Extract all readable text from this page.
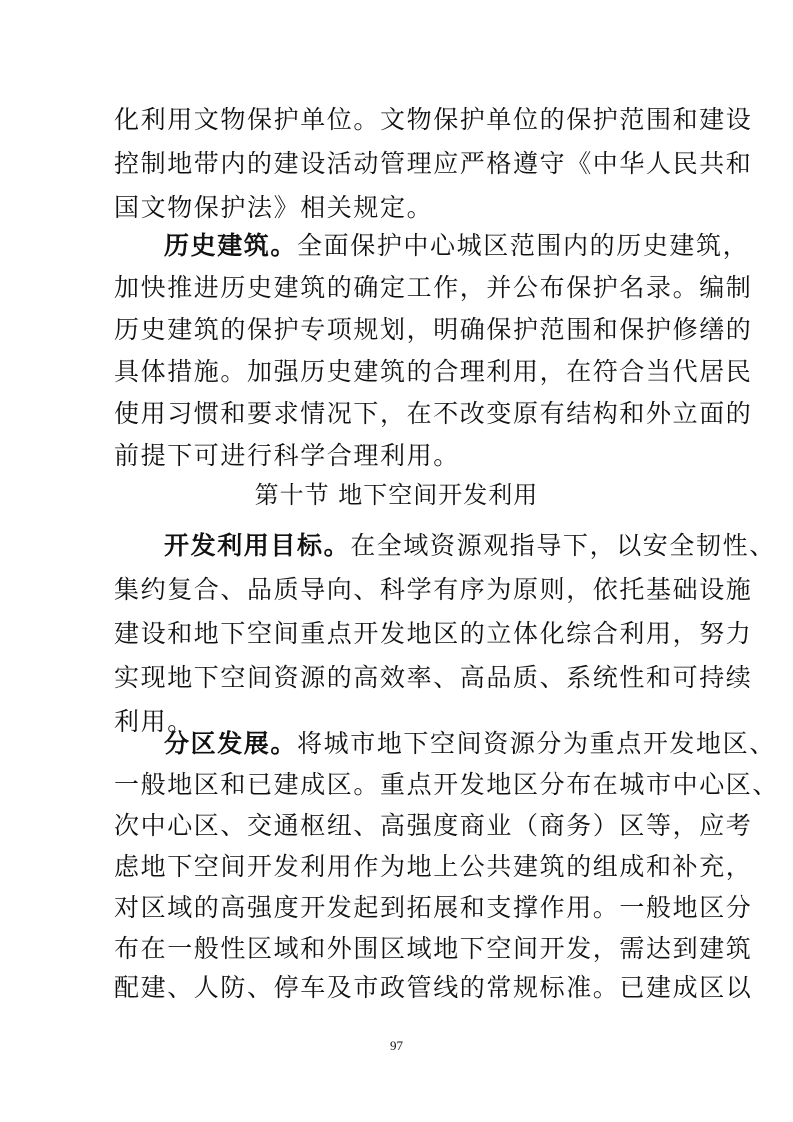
化利用文物保护单位。文物保护单位的保护范围和建设
控制地带内的建设活动管理应严格遵守《中华人民共和
国文物保护法》相关规定。
历史建筑。全面保护中心城区范围内的历史建筑，
加快推进历史建筑的确定工作，并公布保护名录。编制
历史建筑的保护专项规划，明确保护范围和保护修缮的
具体措施。加强历史建筑的合理利用，在符合当代居民
使用习惯和要求情况下，在不改变原有结构和外立面的
第十节 地下空间开发利用
开发利用目标。在全域资源观指导下，以安全韧性、
集约复合、品质导向、科学有序为原则，依托基础设施
建设和地下空间重点开发地区的立体化综合利用，努力
实现地下空间资源的高效率、高品质、系统性和可持续
利用。
分区发展。将城市地下空间资源分为重点开发地区、
一般地区和已建成区。重点开发地区分布在城市中心区、
次中心区、交通枢纽、高强度商业（商务）区等，应考
虑地下空间开发利用作为地上公共建筑的组成和补充，
对区域的高强度开发起到拓展和支撑作用。一般地区分
布在一般性区域和外围区域地下空间开发，需达到建筑
97
前提下可进行科学合理利用。
配建、人防、停车及市政管线的常规标准。已建成区以
